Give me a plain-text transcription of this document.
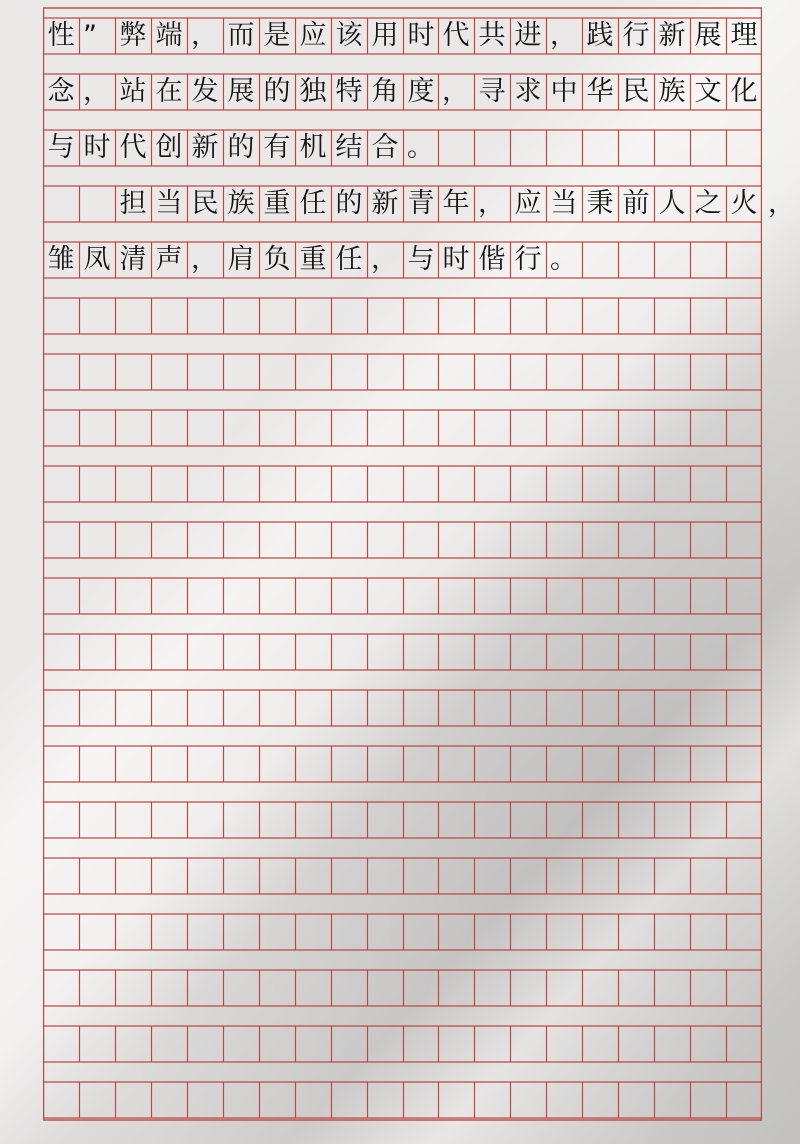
性 ” 弊 端 ， 而 是 应 该 用 时 代 共 进 ， 践 行 新 展 理
念 ， 站 在 发 展 的 独 特 角 度 ， 寻 求 中 华 民 族 文 化
与 时 代 创 新 的 有 机 结 合 。
担 当 民 族 重 任 的 新 青 年 ， 应 当 秉 前 人 之 火 ，
雏 凤 清 声 ， 肩 负 重 任 ， 与 时 偕 行 。
